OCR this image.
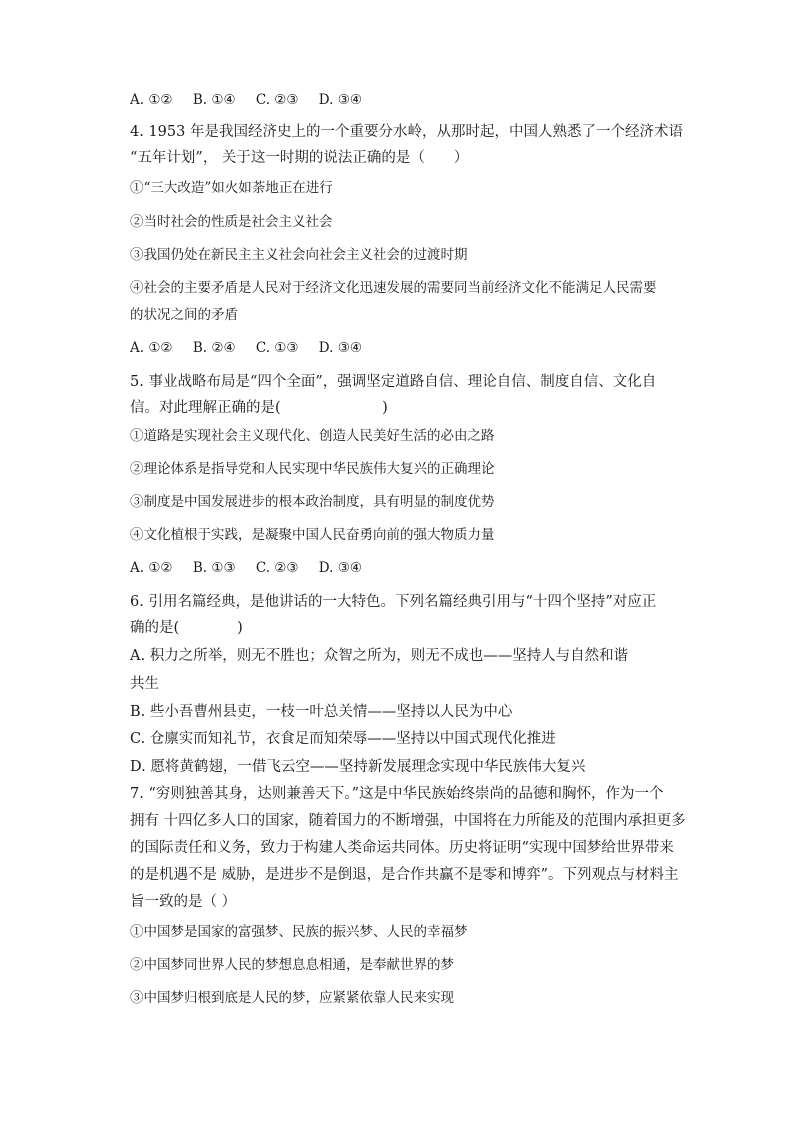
A. ①② B. ①④ C. ②③ D. ③④
4. 1953 年是我国经济史上的一个重要分水岭，从那时起，中国人熟悉了一个经济术语
“五年计划”， 关于这一时期的说法正确的是（　　）
①“三大改造”如火如荼地正在进行
②当时社会的性质是社会主义社会
③我国仍处在新民主主义社会向社会主义社会的过渡时期
④社会的主要矛盾是人民对于经济文化迅速发展的需要同当前经济文化不能满足人民需要
的状况之间的矛盾
A. ①② B. ②④ C. ①③ D. ③④
5. 事业战略布局是“四个全面”，强调坚定道路自信、理论自信、制度自信、文化自
信。对此理解正确的是(　　　　　　　)
①道路是实现社会主义现代化、创造人民美好生活的必由之路
②理论体系是指导党和人民实现中华民族伟大复兴的正确理论
③制度是中国发展进步的根本政治制度，具有明显的制度优势
④文化植根于实践，是凝聚中国人民奋勇向前的强大物质力量
A. ①② B. ①③ C. ②③ D. ③④
6. 引用名篇经典，是他讲话的一大特色。下列名篇经典引用与“十四个坚持”对应正
确的是(　　　　)
A. 积力之所举，则无不胜也；众智之所为，则无不成也——坚持人与自然和谐
共生
B. 些小吾曹州县吏，一枝一叶总关情——坚持以人民为中心
C. 仓廪实而知礼节，衣食足而知荣辱——坚持以中国式现代化推进
D. 愿将黄鹤翅，一借飞云空——坚持新发展理念实现中华民族伟大复兴
7. “穷则独善其身，达则兼善天下。”这是中华民族始终崇尚的品德和胸怀，作为一个
拥有 十四亿多人口的国家，随着国力的不断增强，中国将在力所能及的范围内承担更多
的国际责任和义务，致力于构建人类命运共同体。历史将证明“实现中国梦给世界带来
的是机遇不是 威胁，是进步不是倒退，是合作共赢不是零和博弈”。下列观点与材料主
旨一致的是（ ）
①中国梦是国家的富强梦、民族的振兴梦、人民的幸福梦
②中国梦同世界人民的梦想息息相通，是奉献世界的梦
③中国梦归根到底是人民的梦，应紧紧依靠人民来实现
